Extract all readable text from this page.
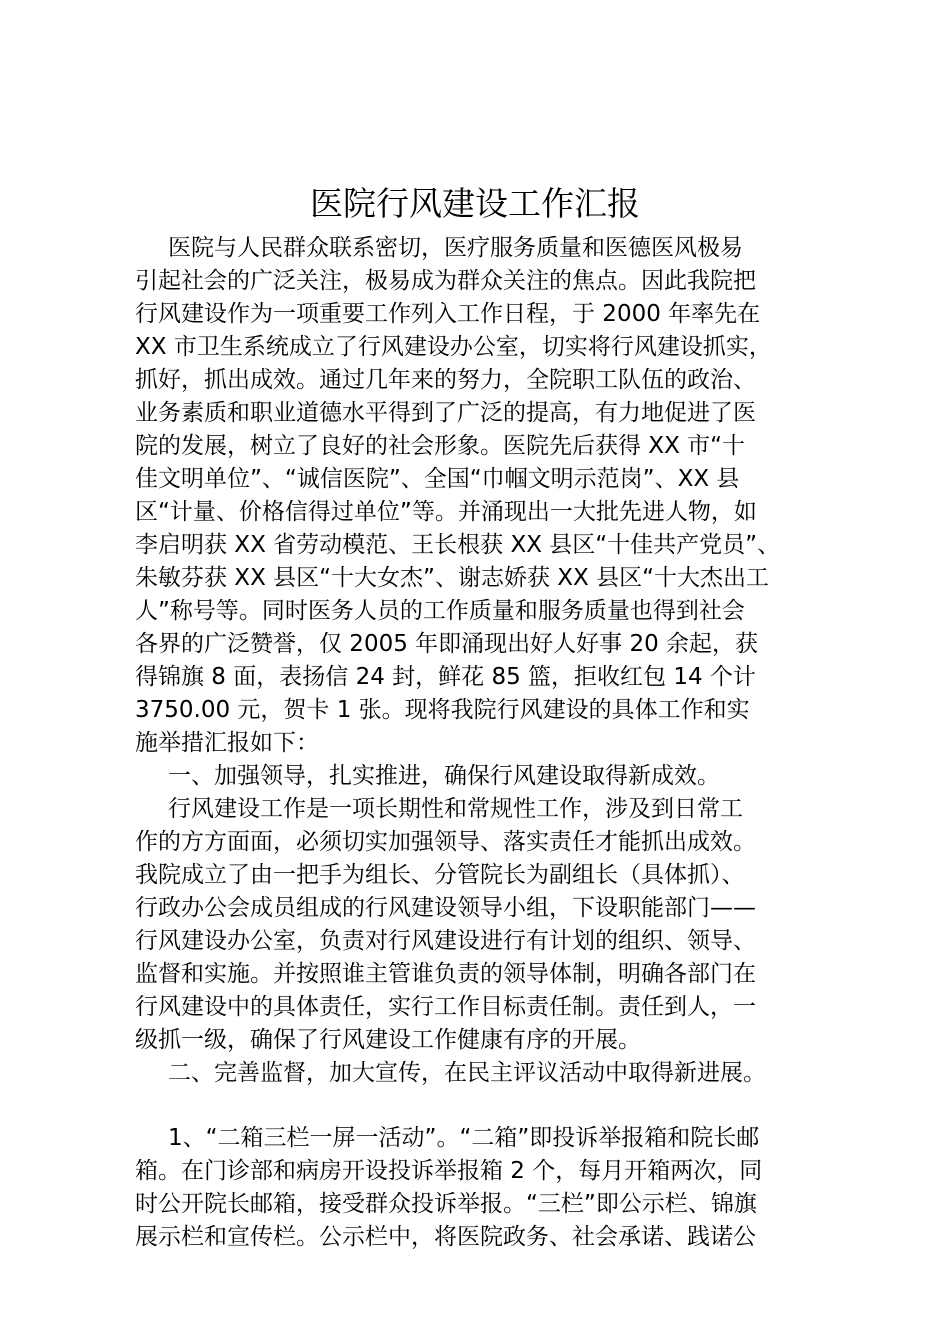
医院行风建设工作汇报
医院与人民群众联系密切，医疗服务质量和医德医风极易
引起社会的广泛关注，极易成为群众关注的焦点。因此我院把
行风建设作为一项重要工作列入工作日程，于 2000 年率先在
XX 市卫生系统成立了行风建设办公室，切实将行风建设抓实，
抓好，抓出成效。通过几年来的努力，全院职工队伍的政治、
业务素质和职业道德水平得到了广泛的提高，有力地促进了医
院的发展，树立了良好的社会形象。医院先后获得 XX 市“十
佳文明单位”、“诚信医院”、全国“巾帼文明示范岗”、XX 县
区“计量、价格信得过单位”等。并涌现出一大批先进人物，如
李启明获 XX 省劳动模范、王长根获 XX 县区“十佳共产党员”、
朱敏芬获 XX 县区“十大女杰”、谢志娇获 XX 县区“十大杰出工
人”称号等。同时医务人员的工作质量和服务质量也得到社会
各界的广泛赞誉，仅 2005 年即涌现出好人好事 20 余起，获
得锦旗 8 面，表扬信 24 封，鲜花 85 篮，拒收红包 14 个计
3750.00 元，贺卡 1 张。现将我院行风建设的具体工作和实
施举措汇报如下：
一、加强领导，扎实推进，确保行风建设取得新成效。
行风建设工作是一项长期性和常规性工作，涉及到日常工
作的方方面面，必须切实加强领导、落实责任才能抓出成效。
我院成立了由一把手为组长、分管院长为副组长（具体抓）、
行政办公会成员组成的行风建设领导小组，下设职能部门——
行风建设办公室，负责对行风建设进行有计划的组织、领导、
监督和实施。并按照谁主管谁负责的领导体制，明确各部门在
行风建设中的具体责任，实行工作目标责任制。责任到人，一
级抓一级，确保了行风建设工作健康有序的开展。
二、完善监督，加大宣传，在民主评议活动中取得新进展。
1、“二箱三栏一屏一活动”。“二箱”即投诉举报箱和院长邮
箱。在门诊部和病房开设投诉举报箱 2 个，每月开箱两次，同
时公开院长邮箱，接受群众投诉举报。“三栏”即公示栏、锦旗
展示栏和宣传栏。公示栏中，将医院政务、社会承诺、践诺公
